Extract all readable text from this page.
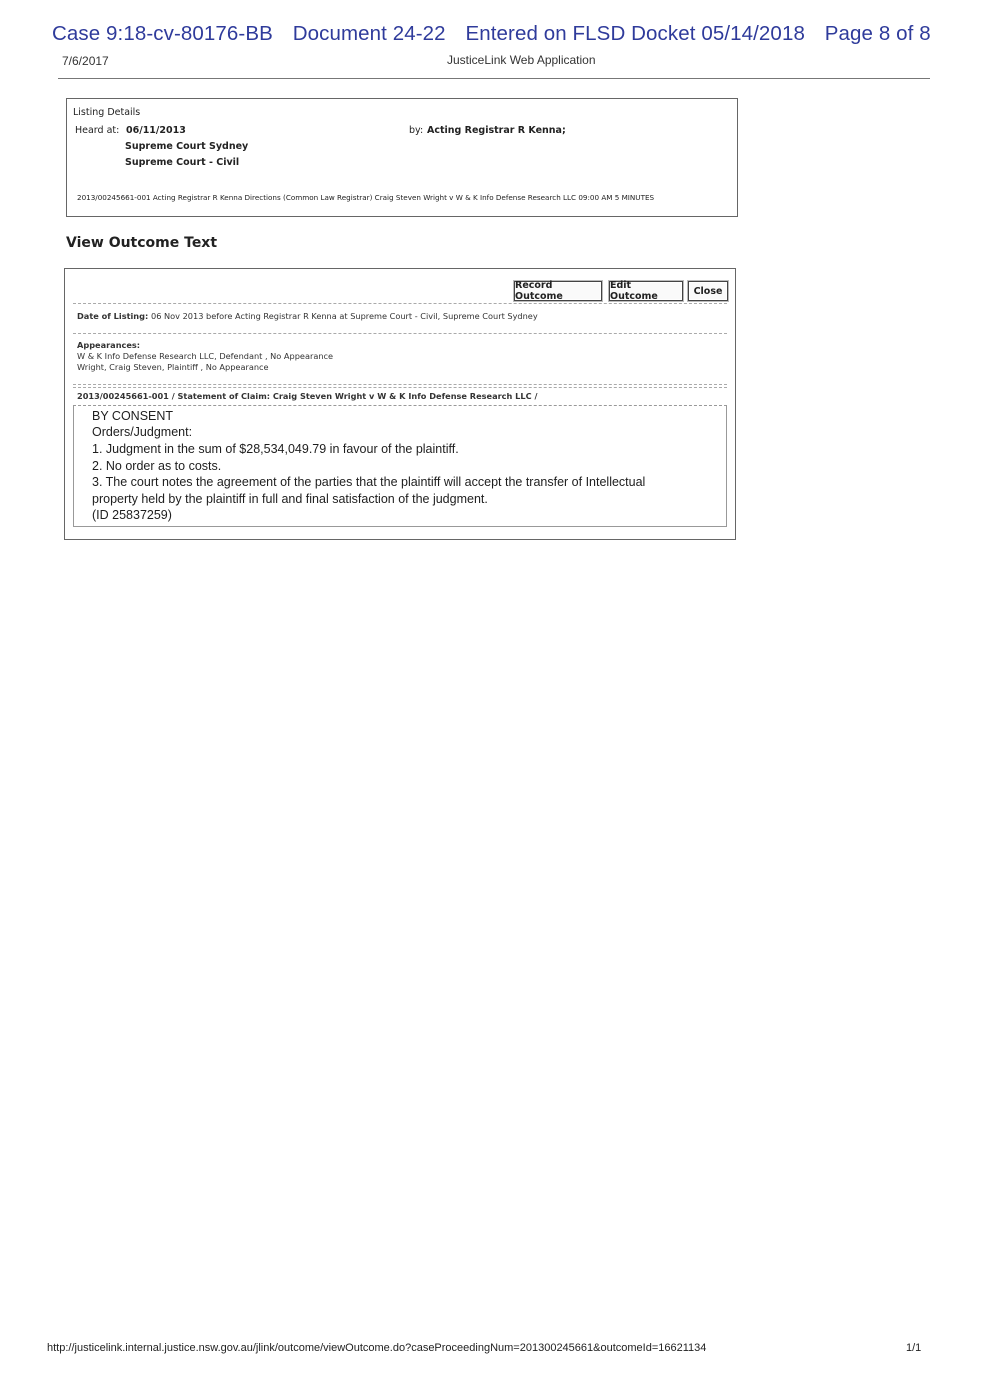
Case 9:18-cv-80176-BB Document 24-22 Entered on FLSD Docket 05/14/2018 Page 8 of 8
7/6/2017	JusticeLink Web Application
Listing Details
Heard at: 06/11/2013
Supreme Court Sydney
Supreme Court - Civil
by: Acting Registrar R Kenna;
2013/00245661-001 Acting Registrar R Kenna Directions (Common Law Registrar) Craig Steven Wright v W & K Info Defense Research LLC 09:00 AM 5 MINUTES
View Outcome Text
Record Outcome
Edit Outcome	Close
Date of Listing: 06 Nov 2013 before Acting Registrar R Kenna at Supreme Court - Civil, Supreme Court Sydney
Appearances:
W & K Info Defense Research LLC, Defendant , No Appearance
Wright, Craig Steven, Plaintiff , No Appearance
2013/00245661-001 / Statement of Claim: Craig Steven Wright v W & K Info Defense Research LLC /
BY CONSENT
Orders/Judgment:
1. Judgment in the sum of $28,534,049.79 in favour of the plaintiff.
2. No order as to costs.
3. The court notes the agreement of the parties that the plaintiff will accept the transfer of Intellectual
property held by the plaintiff in full and final satisfaction of the judgment.
(ID 25837259)
http://justicelink.internal.justice.nsw.gov.au/jlink/outcome/viewOutcome.do?caseProceedingNum=201300245661&outcomeId=16621134	1/1
